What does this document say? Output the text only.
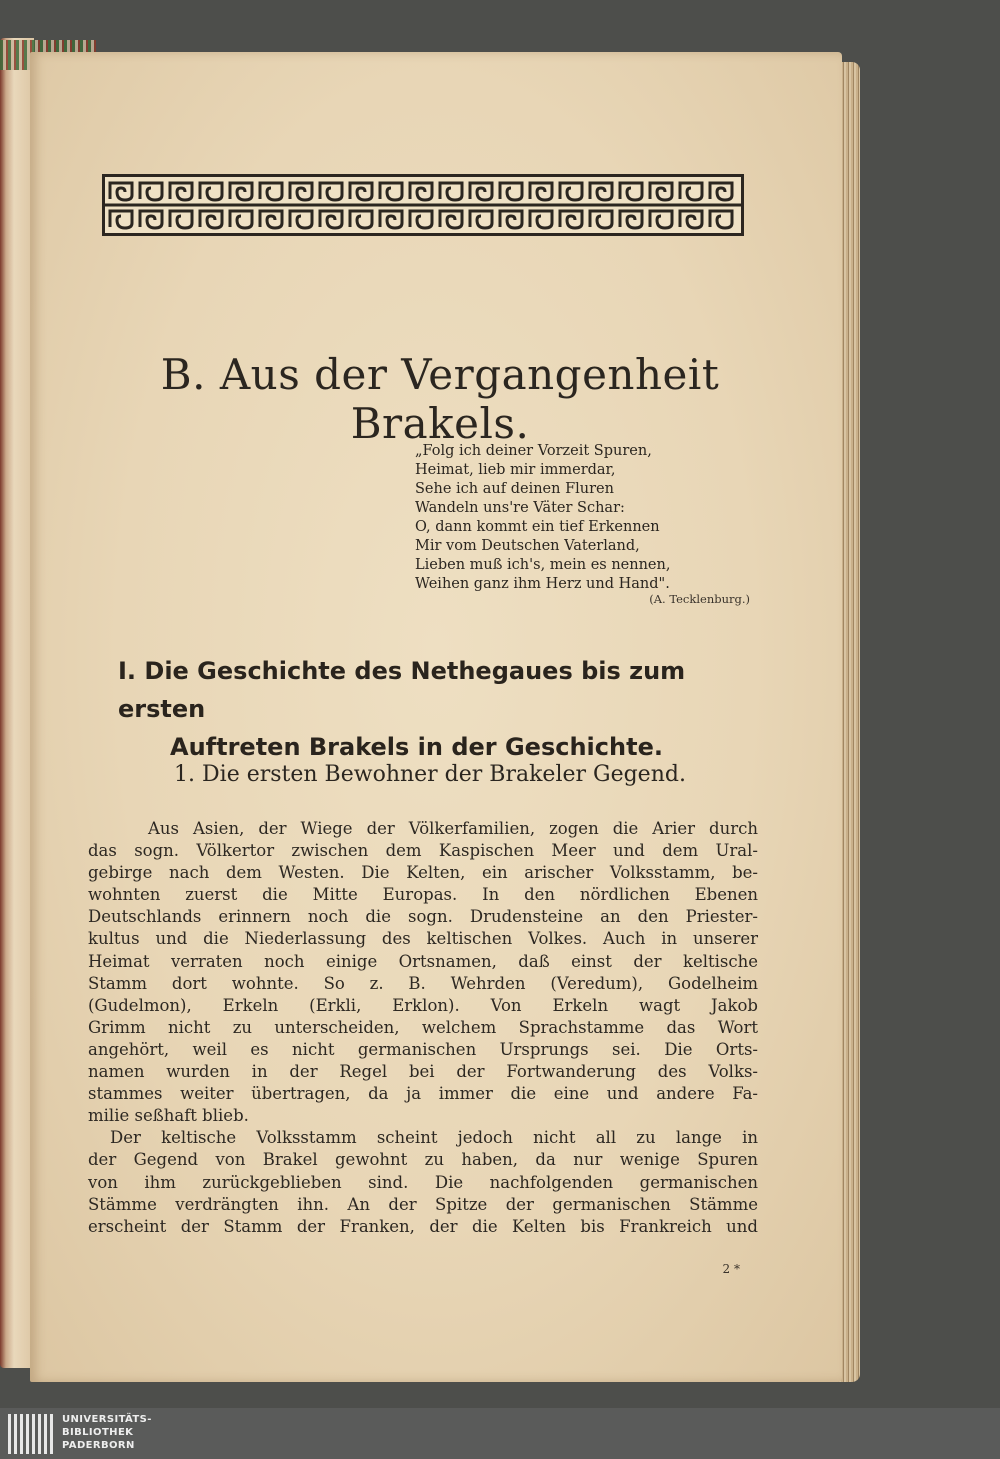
B. Aus der Vergangenheit Brakels.
„Folg ich deiner Vorzeit Spuren,
Heimat, lieb mir immerdar,
Sehe ich auf deinen Fluren
Wandeln uns're Väter Schar:
O, dann kommt ein tief Erkennen
Mir vom Deutschen Vaterland,
Lieben muß ich's, mein es nennen,
Weihen ganz ihm Herz und Hand".
(A. Tecklenburg.)
I. Die Geschichte des Nethegaues bis zum ersten
Auftreten Brakels in der Geschichte.
1. Die ersten Bewohner der Brakeler Gegend.
Aus Asien, der Wiege der Völkerfamilien, zogen die Arier durch
das sogn. Völkertor zwischen dem Kaspischen Meer und dem Ural-
gebirge nach dem Westen. Die Kelten, ein arischer Volksstamm, be-
wohnten zuerst die Mitte Europas. In den nördlichen Ebenen
Deutschlands erinnern noch die sogn. Drudensteine an den Priester-
kultus und die Niederlassung des keltischen Volkes. Auch in unserer
Heimat verraten noch einige Ortsnamen, daß einst der keltische
Stamm dort wohnte. So z. B. Wehrden (Veredum), Godelheim
(Gudelmon), Erkeln (Erkli, Erklon). Von Erkeln wagt Jakob
Grimm nicht zu unterscheiden, welchem Sprachstamme das Wort
angehört, weil es nicht germanischen Ursprungs sei. Die Orts-
namen wurden in der Regel bei der Fortwanderung des Volks-
stammes weiter übertragen, da ja immer die eine und andere Fa-
milie seßhaft blieb.
Der keltische Volksstamm scheint jedoch nicht all zu lange in
der Gegend von Brakel gewohnt zu haben, da nur wenige Spuren
von ihm zurückgeblieben sind. Die nachfolgenden germanischen
Stämme verdrängten ihn. An der Spitze der germanischen Stämme
erscheint der Stamm der Franken, der die Kelten bis Frankreich und
2 *
UNIVERSITÄTS-
BIBLIOTHEK
PADERBORN
